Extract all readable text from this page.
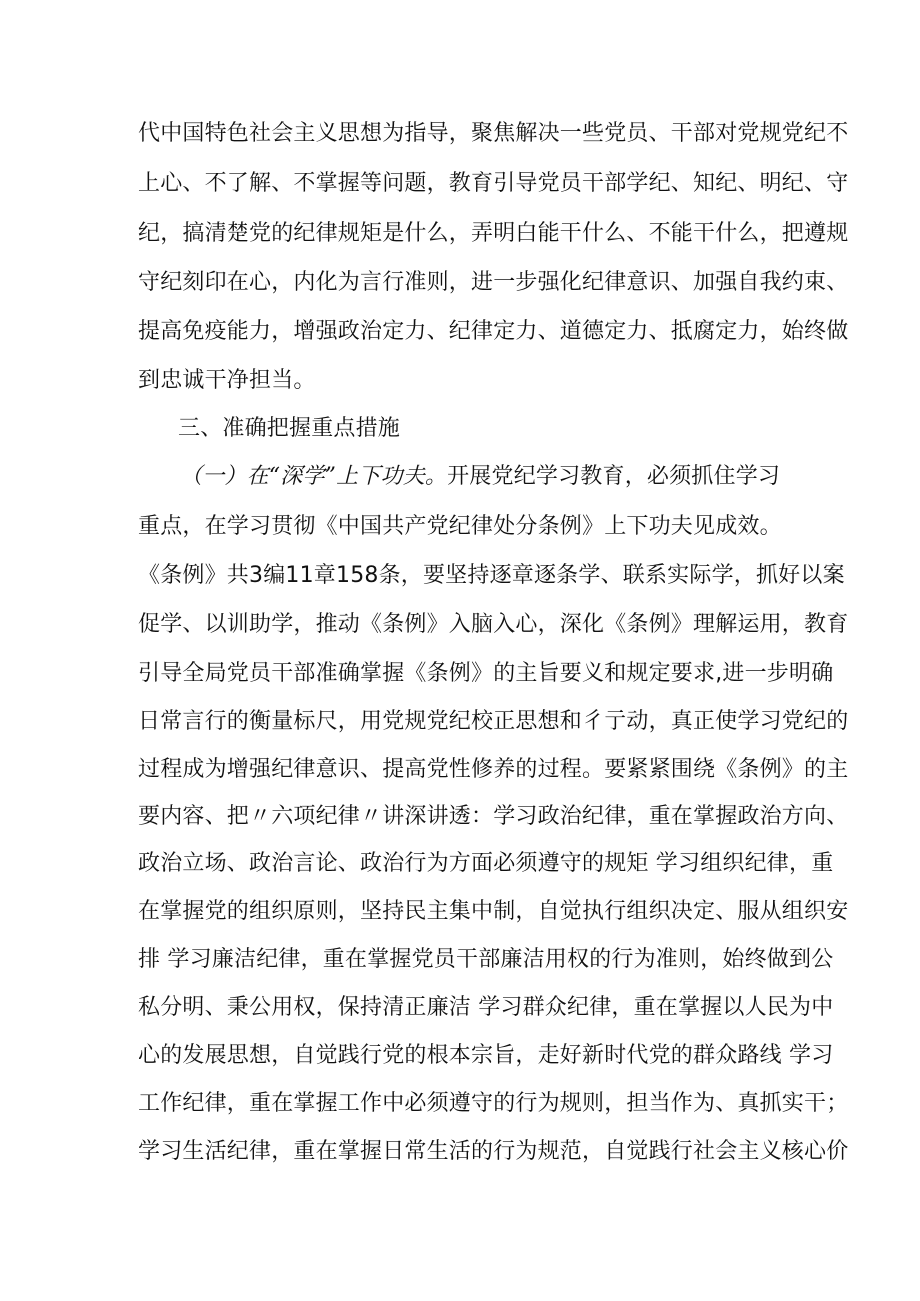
代中国特色社会主义思想为指导，聚焦解决一些党员、干部对党规党纪不
上心、不了解、不掌握等问题，教育引导党员干部学纪、知纪、明纪、守
纪，搞清楚党的纪律规矩是什么，弄明白能干什么、不能干什么，把遵规
守纪刻印在心，内化为言行准则，进一步强化纪律意识、加强自我约束、
提高免疫能力，增强政治定力、纪律定力、道德定力、抵腐定力，始终做
到忠诚干净担当。
三、准确把握重点措施
（一）在“深学”上下功夫。开展党纪学习教育，必须抓住学习
重点，在学习贯彻《中国共产党纪律处分条例》上下功夫见成效。
《条例》共3编11章158条，要坚持逐章逐条学、联系实际学，抓好以案
促学、以训助学，推动《条例》入脑入心，深化《条例》理解运用，教育
引导全局党员干部准确掌握《条例》的主旨要义和规定要求,进一步明确
日常言行的衡量标尺，用党规党纪校正思想和彳亍动，真正使学习党纪的
过程成为增强纪律意识、提高党性修养的过程。要紧紧围绕《条例》的主
要内容、把〃六项纪律〃讲深讲透：学习政治纪律，重在掌握政治方向、
政治立场、政治言论、政治行为方面必须遵守的规矩 学习组织纪律，重
在掌握党的组织原则，坚持民主集中制，自觉执行组织决定、服从组织安
排 学习廉洁纪律，重在掌握党员干部廉洁用权的行为准则，始终做到公
私分明、秉公用权，保持清正廉洁 学习群众纪律，重在掌握以人民为中
心的发展思想，自觉践行党的根本宗旨，走好新时代党的群众路线 学习
工作纪律，重在掌握工作中必须遵守的行为规则，担当作为、真抓实干；
学习生活纪律，重在掌握日常生活的行为规范，自觉践行社会主义核心价
